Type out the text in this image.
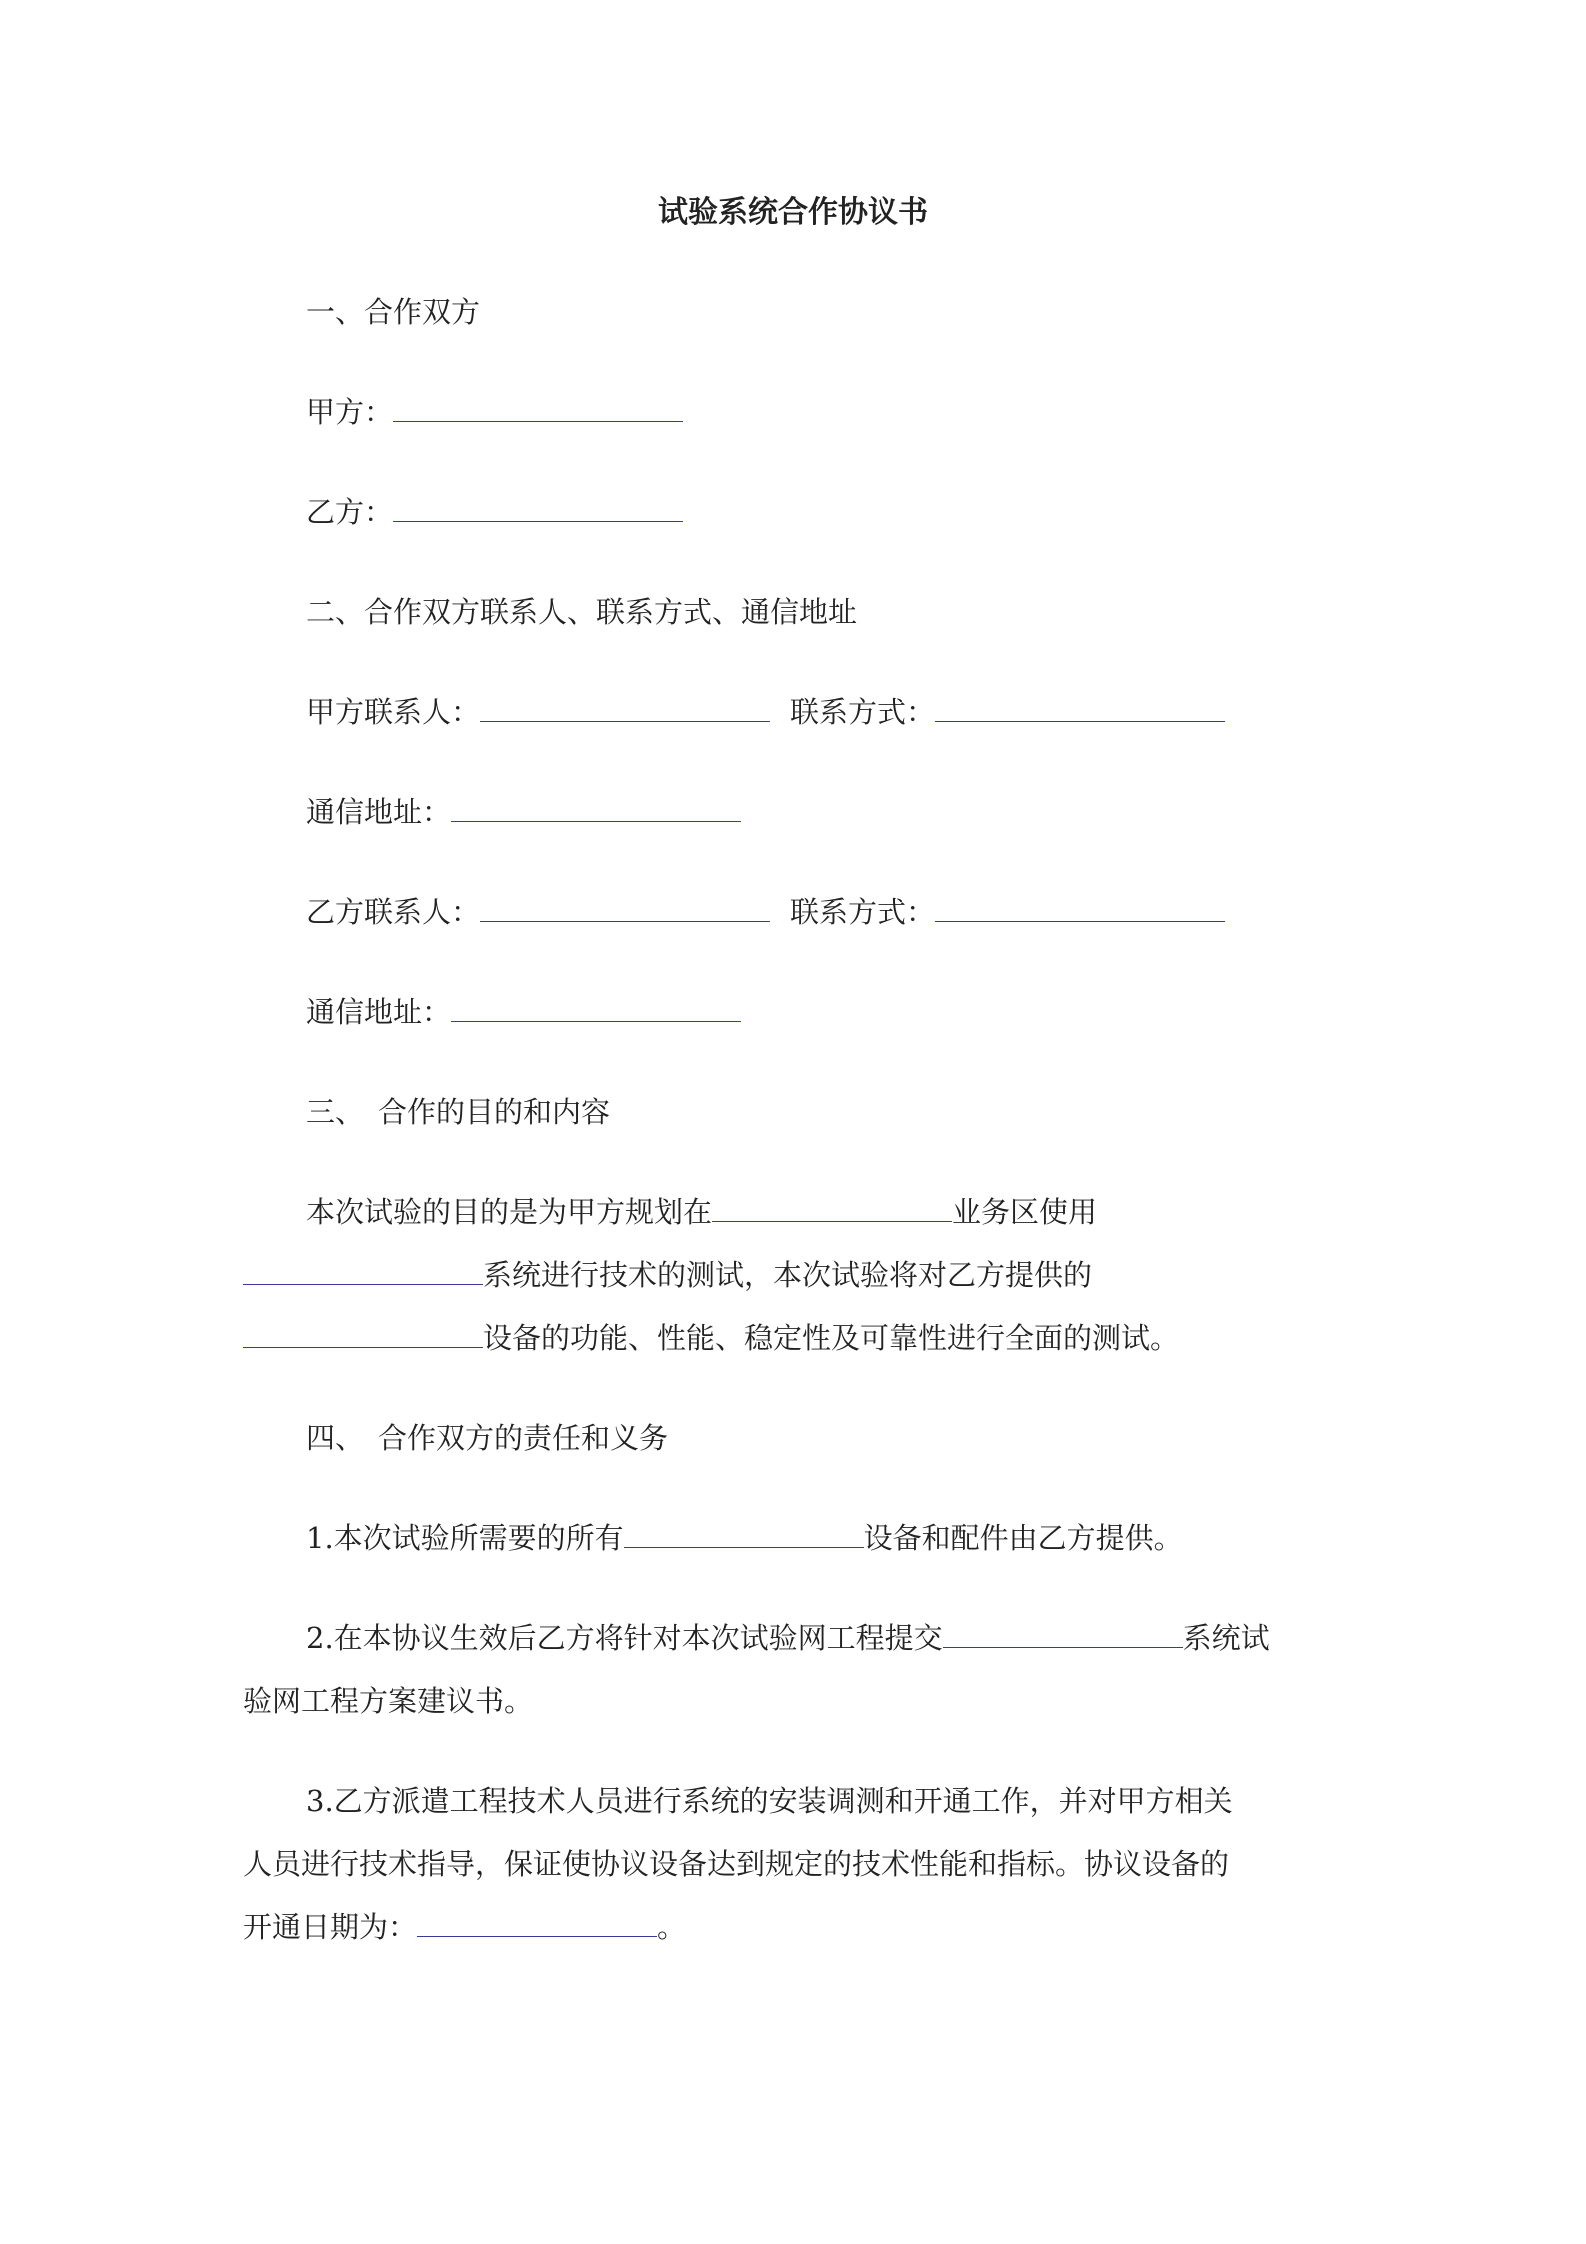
试验系统合作协议书
一、合作双方
甲方：
乙方：
二、合作双方联系人、联系方式、通信地址
甲方联系人：	联系方式：
通信地址：
乙方联系人：	联系方式：
通信地址：
三、 合作的目的和内容
本次试验的目的是为甲方规划在	业务区使用
系统进行技术的测试，本次试验将对乙方提供的
设备的功能、性能、稳定性及可靠性进行全面的测试。
四、 合作双方的责任和义务
1.本次试验所需要的所有	设备和配件由乙方提供。
2.在本协议生效后乙方将针对本次试验网工程提交	系统试
验网工程方案建议书。
3.乙方派遣工程技术人员进行系统的安装调测和开通工作，并对甲方相关
人员进行技术指导，保证使协议设备达到规定的技术性能和指标。协议设备的
开通日期为：	。
